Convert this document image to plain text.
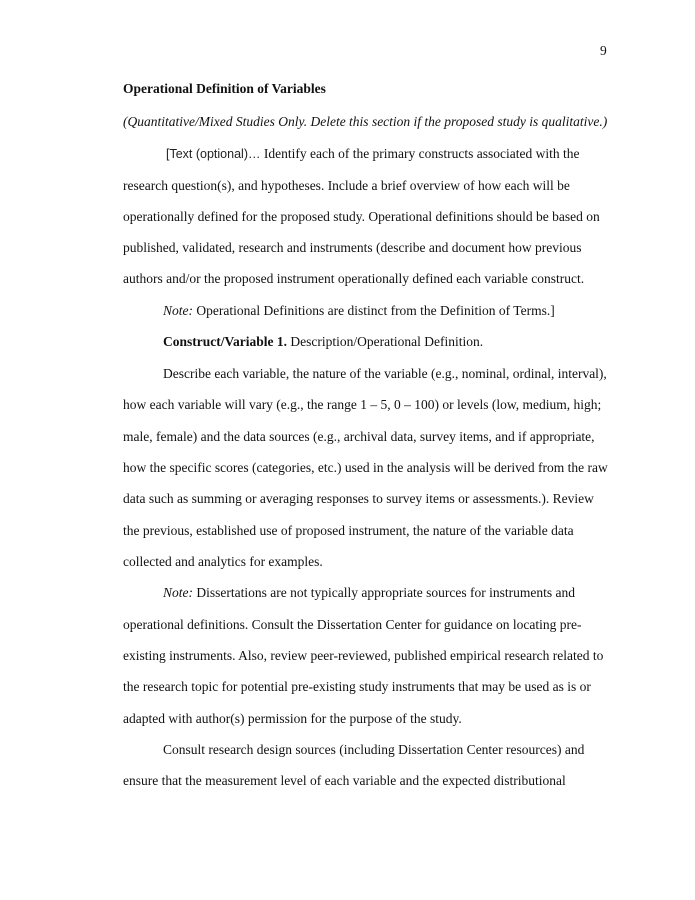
9
Operational Definition of Variables
(Quantitative/Mixed Studies Only. Delete this section if the proposed study is qualitative.)
[Text (optional)… Identify each of the primary constructs associated with the
research question(s), and hypotheses. Include a brief overview of how each will be
operationally defined for the proposed study. Operational definitions should be based on
published, validated, research and instruments (describe and document how previous
authors and/or the proposed instrument operationally defined each variable construct.
Note: Operational Definitions are distinct from the Definition of Terms.]
Construct/Variable 1. Description/Operational Definition.
Describe each variable, the nature of the variable (e.g., nominal, ordinal, interval),
how each variable will vary (e.g., the range 1 – 5, 0 – 100) or levels (low, medium, high;
male, female) and the data sources (e.g., archival data, survey items, and if appropriate,
how the specific scores (categories, etc.) used in the analysis will be derived from the raw
data such as summing or averaging responses to survey items or assessments.). Review
the previous, established use of proposed instrument, the nature of the variable data
collected and analytics for examples.
Note: Dissertations are not typically appropriate sources for instruments and
operational definitions. Consult the Dissertation Center for guidance on locating pre-
existing instruments. Also, review peer-reviewed, published empirical research related to
the research topic for potential pre-existing study instruments that may be used as is or
adapted with author(s) permission for the purpose of the study.
Consult research design sources (including Dissertation Center resources) and
ensure that the measurement level of each variable and the expected distributional
